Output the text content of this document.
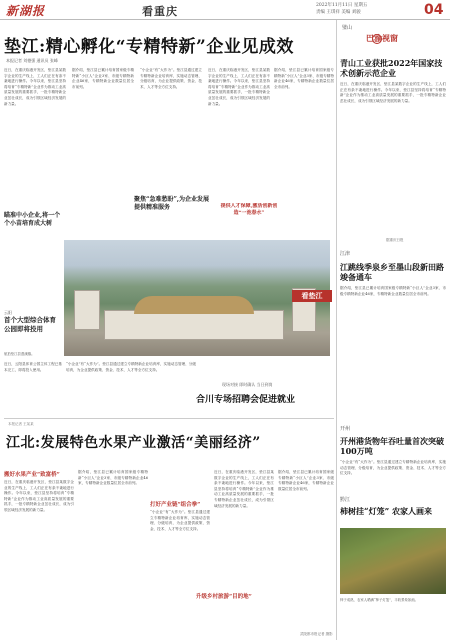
新湖报	看重庆	2022年11月11日 星期五
责编 王琪祥 美编 刘骏	04
垫江:精心孵化“专精特新”企业见成效
本报记者 刘德强 通讯员 张峰

近日，在重庆临港开发区，垫江县某数字企业的生产线上，工人们正在有条不紊地进行操作。今年以来，垫江县坚持将培育“专精特新”企业作为推动工业高质量发展的重要抓手，一批专精特新企业茁壮成长，成为引领区域经济发展的新力量。

瞄准中小企业,将一个个小苗培育成大树

据介绍，垫江县已累计培育国家级专精特新“小巨人”企业3家、市级专精特新企业46家，专精特新企业数量位居全市前列。

“小企业”有“大作为”。垫江县通过建立专精特新企业培育库，实施动态管理、分级培育，为企业提供政策、资金、技术、人才等全方位支持。

聚焦“急难愁盼”,为企业发展提供精准服务

近日，在重庆临港开发区，垫江县某数字企业的生产线上，工人们正在有条不紊地进行操作。今年以来，垫江县坚持将培育“专精特新”企业作为推动工业高质量发展的重要抓手，一批专精特新企业茁壮成长，成为引领区域经济发展的新力量。

提供人才保障,激活创新创造“一池春水”

据介绍，垫江县已累计培育国家级专精特新“小巨人”企业3家、市级专精特新企业46家，专精特新企业数量位居全市前列。

看垫江
航拍垫江县澄溪镇。
云阳
首个大型综合体育公园即将投用
近日，云阳县体育公园主体工程已基本完工，即将投入使用。
现场对接 即时确认 当日到岗
合川专场招聘会促进就业
“小企业”有“大作为”。垫江县通过建立专精特新企业培育库，实施动态管理、分级培育，为企业提供政策、资金、技术、人才等全方位支持。
本报记者 王某某
江北:发展特色水果产业激活“美丽经济”
搬好水果产业“致富桥”
近日，在重庆临港开发区，垫江县某数字企业的生产线上，工人们正在有条不紊地进行操作。今年以来，垫江县坚持将培育“专精特新”企业作为推动工业高质量发展的重要抓手，一批专精特新企业茁壮成长，成为引领区域经济发展的新力量。
据介绍，垫江县已累计培育国家级专精特新“小巨人”企业3家、市级专精特新企业46家，专精特新企业数量位居全市前列。
打好产业链“组合拳”
“小企业”有“大作为”。垫江县通过建立专精特新企业培育库，实施动态管理、分级培育，为企业提供政策、资金、技术、人才等全方位支持。
近日，在重庆临港开发区，垫江县某数字企业的生产线上，工人们正在有条不紊地进行操作。今年以来，垫江县坚持将培育“专精特新”企业作为推动工业高质量发展的重要抓手，一批专精特新企业茁壮成长，成为引领区域经济发展的新力量。
升级乡村旅游“目的地”
据介绍，垫江县已累计培育国家级专精特新“小巨人”企业3家、市级专精特新企业46家，专精特新企业数量位居全市前列。
璧山
巴渝视窗
青山工业获批2022年国家技术创新示范企业
近日，在重庆临港开发区，垫江县某数字企业的生产线上，工人们正在有条不紊地进行操作。今年以来，垫江县坚持将培育“专精特新”企业作为推动工业高质量发展的重要抓手，一批专精特新企业茁壮成长，成为引领区域经济发展的新力量。
据重庆日报
江津
江跳线季泉乡至墨山段新田路竣备通车
据介绍，垫江县已累计培育国家级专精特新“小巨人”企业3家、市级专精特新企业46家，专精特新企业数量位居全市前列。
开州
开州港货物年吞吐量首次突破100万吨
“小企业”有“大作为”。垫江县通过建立专精特新企业培育库，实施动态管理、分级培育，为企业提供政策、资金、技术、人才等全方位支持。
黔江
柿树挂“灯笼” 农家人画来
柿子成熟，农家人晒满“柿子灯笼”，丰收景象如画。
武陵都市报记者 摄影
